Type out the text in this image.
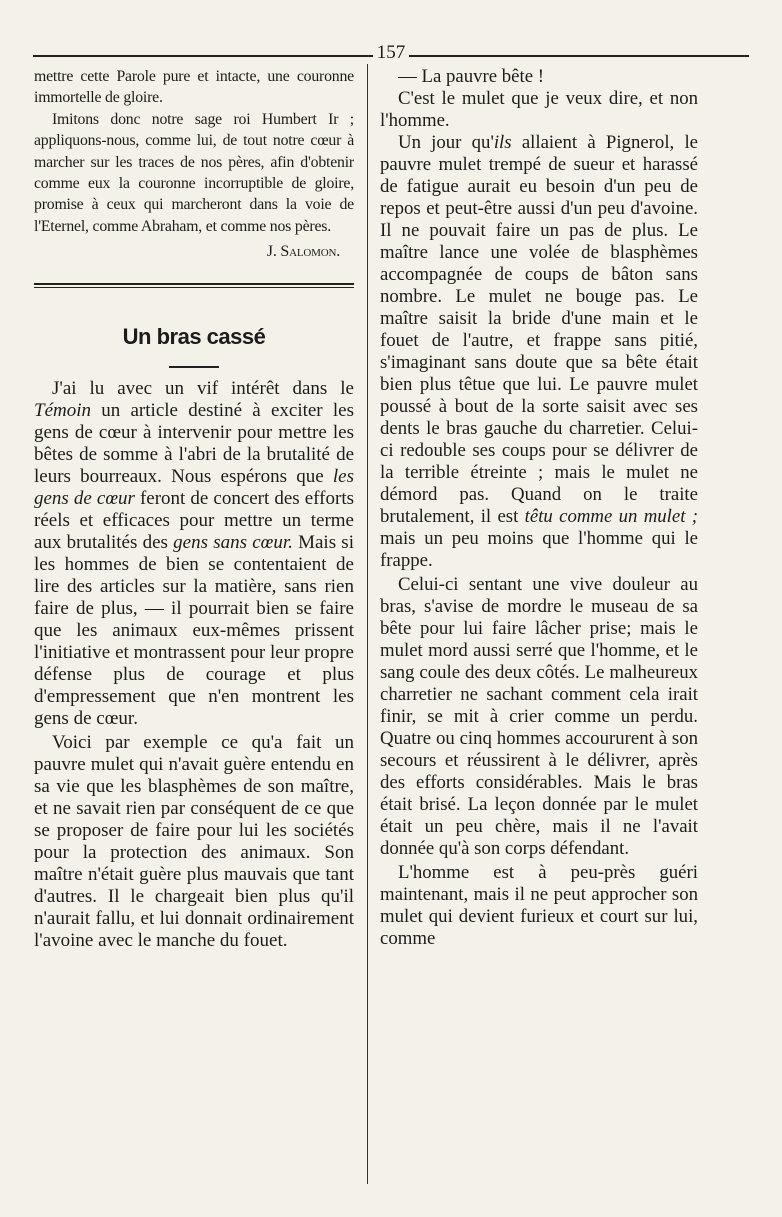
157

mettre cette Parole pure et intacte, une couronne immortelle de gloire.

Imitons donc notre sage roi Humbert Ir ; appliquons-nous, comme lui, de tout notre cœur à marcher sur les traces de nos pères, afin d'obtenir comme eux la couronne incorruptible de gloire, promise à ceux qui marcheront dans la voie de l'Eternel, comme Abraham, et comme nos pères.

J. Salomon.

Un bras cassé

J'ai lu avec un vif intérêt dans le Témoin un article destiné à exciter les gens de cœur à intervenir pour mettre les bêtes de somme à l'abri de la brutalité de leurs bourreaux. Nous espérons que les gens de cœur feront de concert des efforts réels et efficaces pour mettre un terme aux brutalités des gens sans cœur. Mais si les hommes de bien se contentaient de lire des articles sur la matière, sans rien faire de plus, — il pourrait bien se faire que les animaux eux-mêmes prissent l'initiative et montrassent pour leur propre défense plus de courage et plus d'empressement que n'en montrent les gens de cœur.

Voici par exemple ce qu'a fait un pauvre mulet qui n'avait guère entendu en sa vie que les blasphèmes de son maître, et ne savait rien par conséquent de ce que se proposer de faire pour lui les sociétés pour la protection des animaux. Son maître n'était guère plus mauvais que tant d'autres. Il le chargeait bien plus qu'il n'aurait fallu, et lui donnait ordinairement l'avoine avec le manche du fouet.

— La pauvre bête !

C'est le mulet que je veux dire, et non l'homme.

Un jour qu'ils allaient à Pignerol, le pauvre mulet trempé de sueur et harassé de fatigue aurait eu besoin d'un peu de repos et peut-être aussi d'un peu d'avoine. Il ne pouvait faire un pas de plus. Le maître lance une volée de blasphèmes accompagnée de coups de bâton sans nombre. Le mulet ne bouge pas. Le maître saisit la bride d'une main et le fouet de l'autre, et frappe sans pitié, s'imaginant sans doute que sa bête était bien plus têtue que lui. Le pauvre mulet poussé à bout de la sorte saisit avec ses dents le bras gauche du charretier. Celui-ci redouble ses coups pour se délivrer de la terrible étreinte ; mais le mulet ne démord pas. Quand on le traite brutalement, il est têtu comme un mulet ; mais un peu moins que l'homme qui le frappe.

Celui-ci sentant une vive douleur au bras, s'avise de mordre le museau de sa bête pour lui faire lâcher prise; mais le mulet mord aussi serré que l'homme, et le sang coule des deux côtés. Le malheureux charretier ne sachant comment cela irait finir, se mit à crier comme un perdu. Quatre ou cinq hommes accoururent à son secours et réussirent à le délivrer, après des efforts considérables. Mais le bras était brisé. La leçon donnée par le mulet était un peu chère, mais il ne l'avait donnée qu'à son corps défendant.

L'homme est à peu-près guéri maintenant, mais il ne peut approcher son mulet qui devient furieux et court sur lui, comme
